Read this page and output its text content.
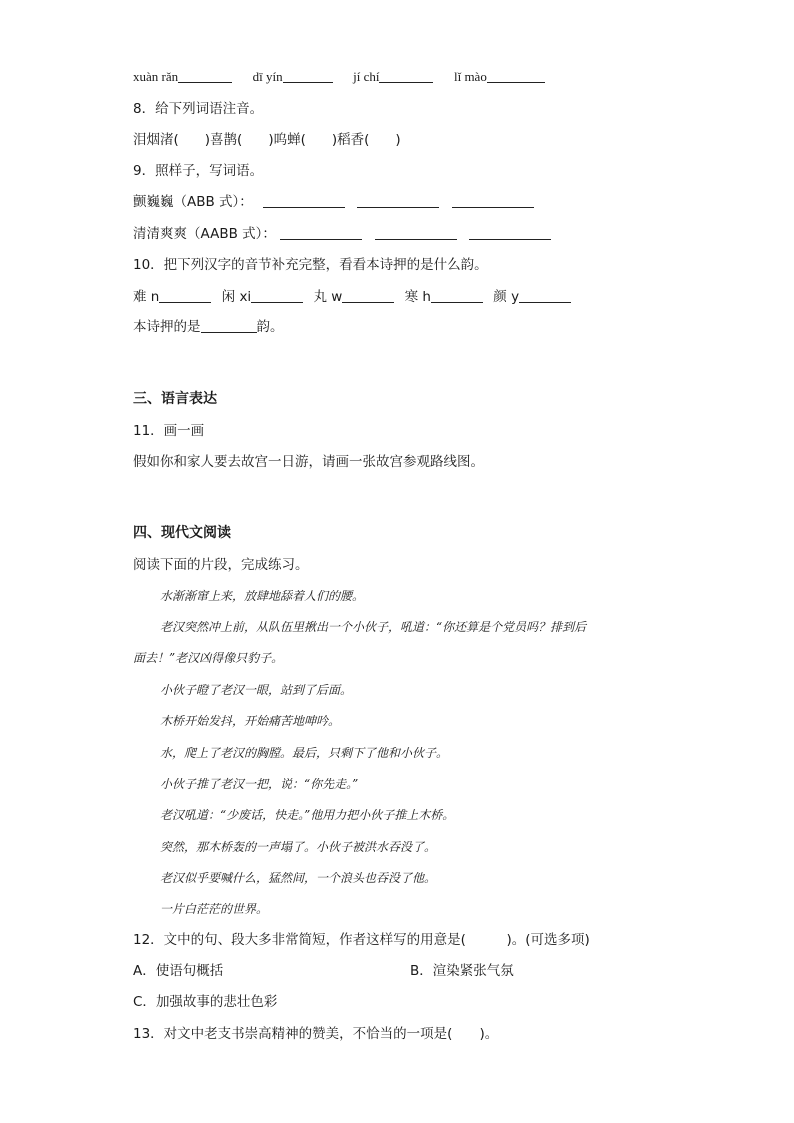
xuàn rǎn	dī yín	jí chí	lǐ mào
8．给下列词语注音。
泪烟渚( )喜鹊( )呜蝉( )稻香( )
9．照样子，写词语。
颤巍巍（ABB 式）：
清清爽爽（AABB 式）：
10．把下列汉字的音节补充完整，看看本诗押的是什么韵。
难 n	闲 xi	丸 w	寒 h	颜 y
本诗押的是	韵。
三、语言表达
11．画一画
假如你和家人要去故宫一日游，请画一张故宫参观路线图。
四、现代文阅读
阅读下面的片段，完成练习。
水渐渐窜上来，放肆地舔着人们的腰。
老汉突然冲上前，从队伍里揪出一个小伙子，吼道：“你还算是个党员吗？排到后
面去！”老汉凶得像只豹子。
小伙子瞪了老汉一眼，站到了后面。
木桥开始发抖，开始痛苦地呻吟。
水，爬上了老汉的胸膛。最后，只剩下了他和小伙子。
小伙子推了老汉一把，说：“你先走。”
老汉吼道：“少废话，快走。”他用力把小伙子推上木桥。
突然，那木桥轰的一声塌了。小伙子被洪水吞没了。
老汉似乎要喊什么，猛然间，一个浪头也吞没了他。
一片白茫茫的世界。
12．文中的句、段大多非常简短，作者这样写的用意是(　　　)。(可选多项)
A．使语句概括	B．渲染紧张气氛
C．加强故事的悲壮色彩
13．对文中老支书崇高精神的赞美，不恰当的一项是(　　)。
